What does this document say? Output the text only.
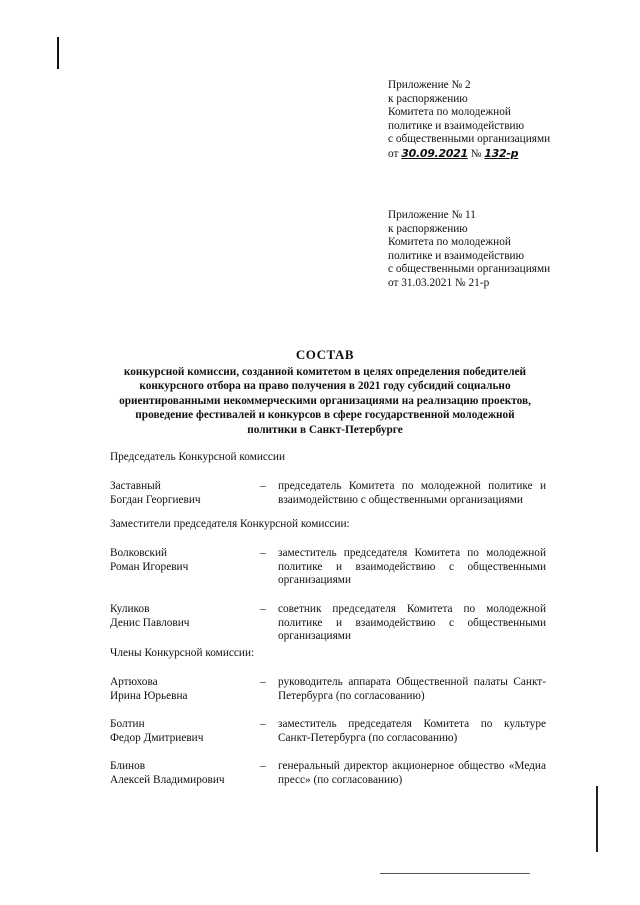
Приложение № 2
к распоряжению
Комитета по молодежной
политике и взаимодействию
с общественными организациями
от 30.09.2021 № 132-р
Приложение № 11
к распоряжению
Комитета по молодежной
политике и взаимодействию
с общественными организациями
от 31.03.2021 № 21-р
СОСТАВ
конкурсной комиссии, созданной комитетом в целях определения победителей
конкурсного отбора на право получения в 2021 году субсидий социально
ориентированными некоммерческими организациями на реализацию проектов,
проведение фестивалей и конкурсов в сфере государственной молодежной
политики в Санкт-Петербурге
Председатель Конкурсной комиссии
Заставный
Богдан Георгиевич
– председатель Комитета по молодежной политике и взаимодействию с общественными организациями
Заместители председателя Конкурсной комиссии:
Волковский
Роман Игоревич
– заместитель председателя Комитета по молодежной политике и взаимодействию с общественными организациями
Куликов
Денис Павлович
– советник председателя Комитета по молодежной политике и взаимодействию с общественными организациями
Члены Конкурсной комиссии:
Артюхова
Ирина Юрьевна
– руководитель аппарата Общественной палаты Санкт-Петербурга (по согласованию)
Болтин
Федор Дмитриевич
– заместитель председателя Комитета по культуре Санкт-Петербурга (по согласованию)
Блинов
Алексей Владимирович
– генеральный директор акционерное общество «Медиа пресс» (по согласованию)
